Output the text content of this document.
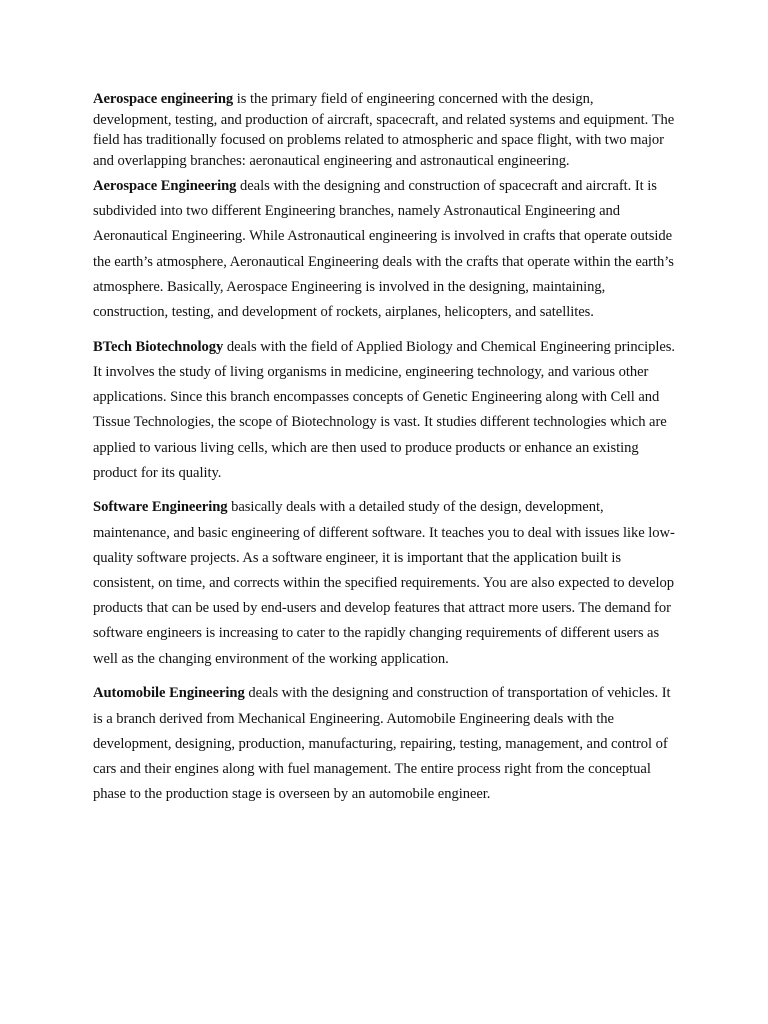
Aerospace engineering is the primary field of engineering concerned with the design, development, testing, and production of aircraft, spacecraft, and related systems and equipment. The field has traditionally focused on problems related to atmospheric and space flight, with two major and overlapping branches: aeronautical engineering and astronautical engineering.

Aerospace Engineering deals with the designing and construction of spacecraft and aircraft. It is subdivided into two different Engineering branches, namely Astronautical Engineering and Aeronautical Engineering. While Astronautical engineering is involved in crafts that operate outside the earth’s atmosphere, Aeronautical Engineering deals with the crafts that operate within the earth’s atmosphere. Basically, Aerospace Engineering is involved in the designing, maintaining, construction, testing, and development of rockets, airplanes, helicopters, and satellites.

BTech Biotechnology deals with the field of Applied Biology and Chemical Engineering principles. It involves the study of living organisms in medicine, engineering technology, and various other applications. Since this branch encompasses concepts of Genetic Engineering along with Cell and Tissue Technologies, the scope of Biotechnology is vast. It studies different technologies which are applied to various living cells, which are then used to produce products or enhance an existing product for its quality.

Software Engineering basically deals with a detailed study of the design, development, maintenance, and basic engineering of different software. It teaches you to deal with issues like low-quality software projects. As a software engineer, it is important that the application built is consistent, on time, and corrects within the specified requirements. You are also expected to develop products that can be used by end-users and develop features that attract more users. The demand for software engineers is increasing to cater to the rapidly changing requirements of different users as well as the changing environment of the working application.

Automobile Engineering deals with the designing and construction of transportation of vehicles. It is a branch derived from Mechanical Engineering. Automobile Engineering deals with the development, designing, production, manufacturing, repairing, testing, management, and control of cars and their engines along with fuel management. The entire process right from the conceptual phase to the production stage is overseen by an automobile engineer.
